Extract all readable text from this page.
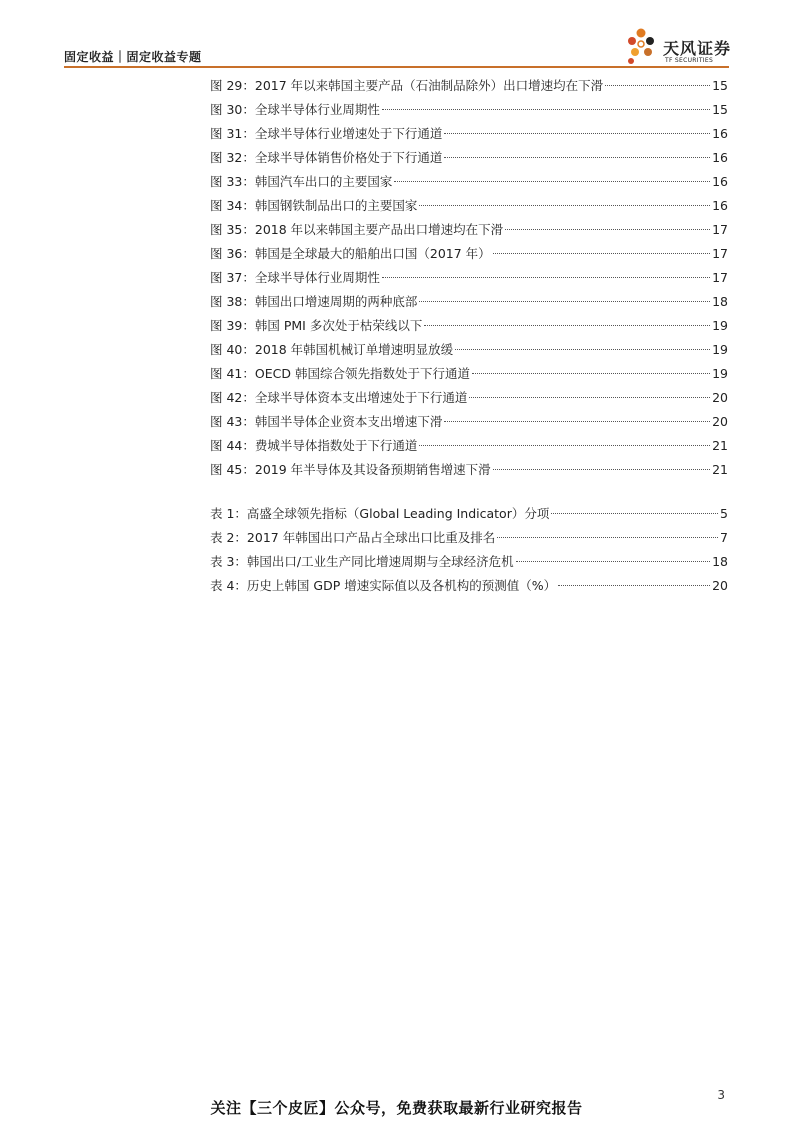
固定收益｜固定收益专题	天风证券
TF SECURITIES
图 29：2017 年以来韩国主要产品（石油制品除外）出口增速均在下滑	15
图 30：全球半导体行业周期性	15
图 31：全球半导体行业增速处于下行通道	16
图 32：全球半导体销售价格处于下行通道	16
图 33：韩国汽车出口的主要国家	16
图 34：韩国钢铁制品出口的主要国家	16
图 35：2018 年以来韩国主要产品出口增速均在下滑	17
图 36：韩国是全球最大的船舶出口国（2017 年）	17
图 37：全球半导体行业周期性	17
图 38：韩国出口增速周期的两种底部	18
图 39：韩国 PMI 多次处于枯荣线以下	19
图 40：2018 年韩国机械订单增速明显放缓	19
图 41：OECD 韩国综合领先指数处于下行通道	19
图 42：全球半导体资本支出增速处于下行通道	20
图 43：韩国半导体企业资本支出增速下滑	20
图 44：费城半导体指数处于下行通道	21
图 45：2019 年半导体及其设备预期销售增速下滑	21
表 1：高盛全球领先指标（Global Leading Indicator）分项	5
表 2：2017 年韩国出口产品占全球出口比重及排名	7
表 3：韩国出口/工业生产同比增速周期与全球经济危机	18
表 4：历史上韩国 GDP 增速实际值以及各机构的预测值（%）	20
3
关注【三个皮匠】公众号，免费获取最新行业研究报告
